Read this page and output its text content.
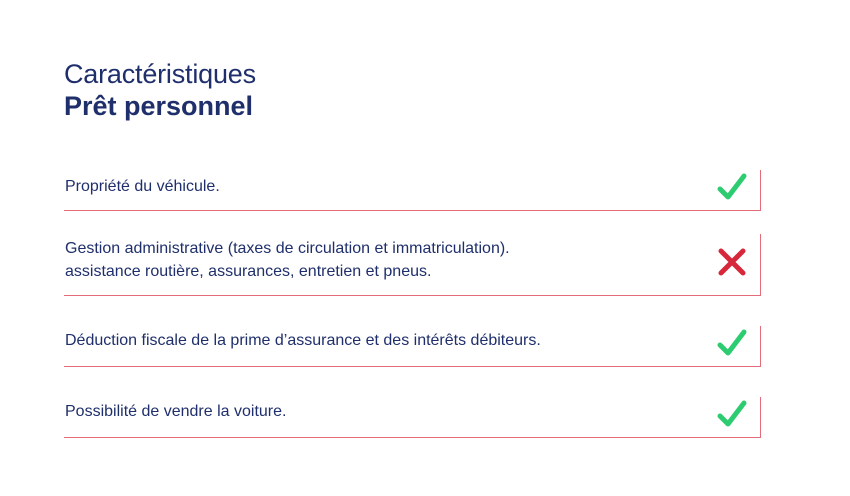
Caractéristiques
Prêt personnel
Propriété du véhicule.
Gestion administrative (taxes de circulation et immatriculation).
assistance routière, assurances, entretien et pneus.
Déduction fiscale de la prime d’assurance et des intérêts débiteurs.
Possibilité de vendre la voiture.
